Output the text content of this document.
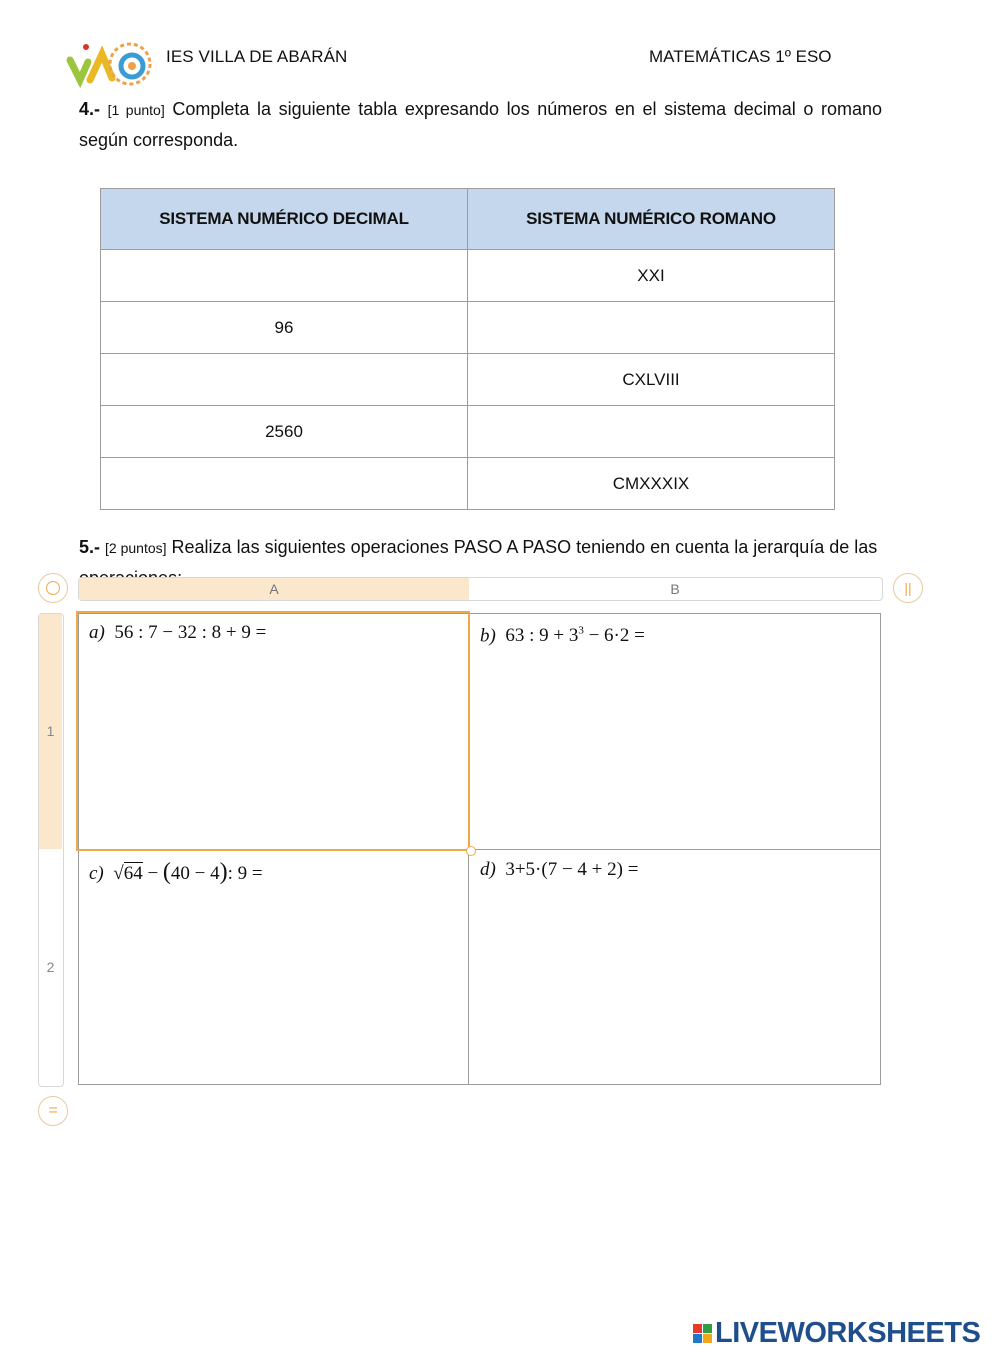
IES VILLA DE ABARÁN	MATEMÁTICAS 1º ESO
4.- [1 punto] Completa la siguiente tabla expresando los números en el sistema decimal o romano según corresponda.
SISTEMA NUMÉRICO DECIMAL	SISTEMA NUMÉRICO ROMANO
	XXI
96	
	CXLVIII
2560	
	CMXXXIX
5.- [2 puntos] Realiza las siguientes operaciones PASO A PASO teniendo en cuenta la jerarquía de las
A	B	||
1
2
=
a) 56 : 7 − 32 : 8 + 9 =	b) 63 : $9 + 3^3 - 6\cdot 2$ =
c) √64 − (40 − 4): 9 =	d) 3+5·(7 − 4 + 2) =
LIVEWORKSHEETS
